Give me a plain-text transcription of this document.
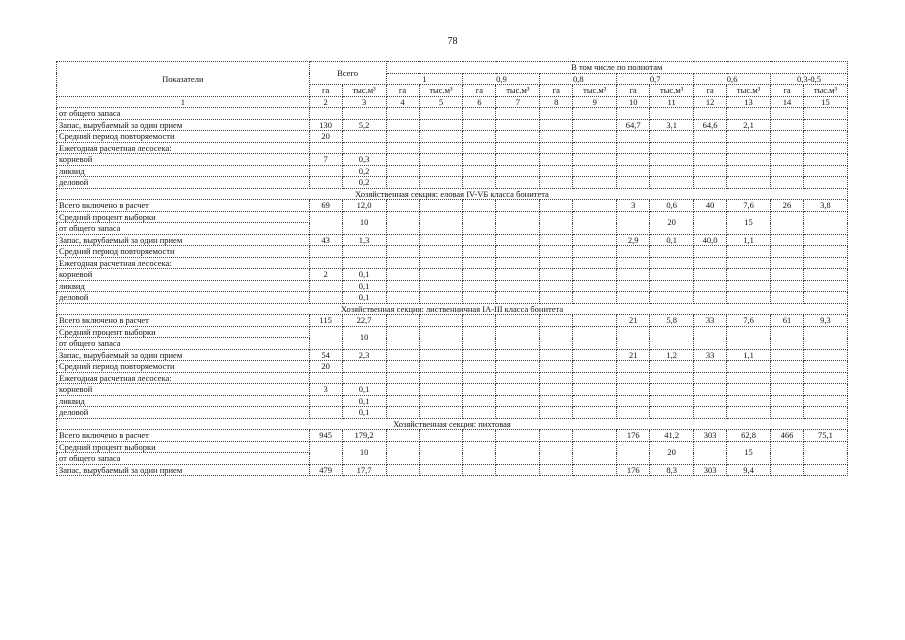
78
Показатели	Всего		В том числе по полнотам											
			1		0,9		0,8		0,7		0,6		0,3-0,5	
	га	тыс.м³	га	тыс.м³	га	тыс.м³	га	тыс.м³	га	тыс.м³	га	тыс.м³	га	тыс.м³
1	2	3	4	5	6	7	8	9	10	11	12	13	14	15
от общего запаса														
Запас, вырубаемый за один прием	130	5,2							64,7	3,1	64,6	2,1		
Средний период повторяемости	20													
Ежегодная расчетная лесосека:														
корневой	7	0,3												
ликвид		0,2												
деловой		0,2												
Хозяйственная секция: еловая IV-VБ класса бонитета														
Всего включено в расчет	69	12,0							3	0,6	40	7,6	26	3,8
Средний процент выборки		10								20		15		
от общего запаса														
Запас, вырубаемый за один прием	43	1,3							2,9	0,1	40,0	1,1		
Средний период повторяемости														
Ежегодная расчетная лесосека:														
корневой	2	0,1												
ликвид		0,1												
деловой		0,1												
Хозяйственная секция: лиственничная IA-III класса бонитета														
Всего включено в расчет	115	22,7							21	5,8	33	7,6	61	9,3
Средний процент выборки		10												
от общего запаса														
Запас, вырубаемый за один прием	54	2,3							21	1,2	33	1,1		
Средний период повторяемости	20													
Ежегодная расчетная лесосека:														
корневой	3	0,1												
ликвид		0,1												
деловой		0,1												
Хозяйственная секция: пихтовая														
Всего включено в расчет	945	179,2							176	41,2	303	62,8	466	75,1
Средний процент выборки		10								20		15		
от общего запаса														
Запас, вырубаемый за один прием	479	17,7							176	8,3	303	9,4		
